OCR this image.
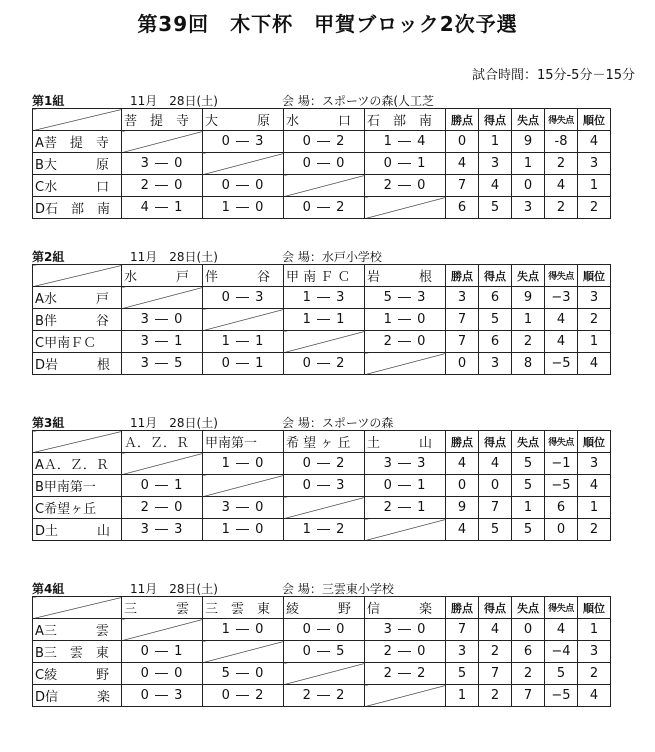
第39回　木下杯　甲賀ブロック2次予選
試合時間：15分-5分－15分
第1組	11月　28日(土)	会 場：スポーツの森(人工芝
	菩　提　寺	大　　　原	水　　　口	石　部　南	勝点	得点	失点	得失点	順位
A菩　提　寺		0 ― 3	0 ― 2	1 ― 4	0	1	9	-8	4
B大　　　原	3 ― 0		0 ― 0	0 ― 1	4	3	1	2	3
C水　　　口	2 ― 0	0 ― 0		2 ― 0	7	4	0	4	1
D石　部　南	4 ― 1	1 ― 0	0 ― 2		6	5	3	2	2
第2組	11月　28日(土)	会 場：水戸小学校
	水　　　戸	伴　　　谷	甲 南 Ｆ Ｃ	岩　　　根	勝点	得点	失点	得失点	順位
A水　　　戸		0 ― 3	1 ― 3	5 ― 3	3	6	9	−3	3
B伴　　　谷	3 ― 0		1 ― 1	1 ― 0	7	5	1	4	2
C甲南ＦＣ	3 ― 1	1 ― 1		2 ― 0	7	6	2	4	1
D岩　　　根	3 ― 5	0 ― 1	0 ― 2		0	3	8	−5	4
第3組	11月　28日(土)	会 場：スポーツの森
	Ａ．Ｚ．Ｒ	甲南第一	希 望 ヶ 丘	土　　　山	勝点	得点	失点	得失点	順位
AＡ．Ｚ．Ｒ		1 ― 0	0 ― 2	3 ― 3	4	4	5	−1	3
B甲南第一	0 ― 1		0 ― 3	0 ― 1	0	0	5	−5	4
C希望ヶ丘	2 ― 0	3 ― 0		2 ― 1	9	7	1	6	1
D土　　　山	3 ― 3	1 ― 0	1 ― 2		4	5	5	0	2
第4組	11月　28日(土)	会 場：三雲東小学校
	三　　　雲	三　雲　東	綾　　　野	信　　　楽	勝点	得点	失点	得失点	順位
A三　　　雲		1 ― 0	0 ― 0	3 ― 0	7	4	0	4	1
B三　雲　東	0 ― 1		0 ― 5	2 ― 0	3	2	6	−4	3
C綾　　　野	0 ― 0	5 ― 0		2 ― 2	5	7	2	5	2
D信　　　楽	0 ― 3	0 ― 2	2 ― 2		1	2	7	−5	4
